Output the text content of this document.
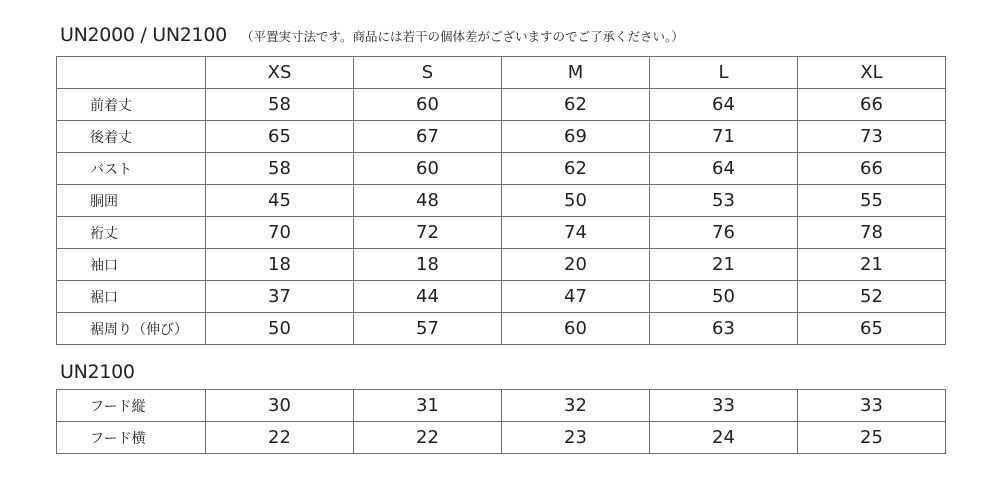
UN2000 / UN2100 （平置実寸法です。商品には若干の個体差がございますのでご了承ください。）
	XS	S	M	L	XL
前着丈	58	60	62	64	66
後着丈	65	67	69	71	73
バスト	58	60	62	64	66
胴囲	45	48	50	53	55
裄丈	70	72	74	76	78
袖口	18	18	20	21	21
裾口	37	44	47	50	52
裾周り（伸び）	50	57	60	63	65
UN2100
フード縦	30	31	32	33	33
フード横	22	22	23	24	25
